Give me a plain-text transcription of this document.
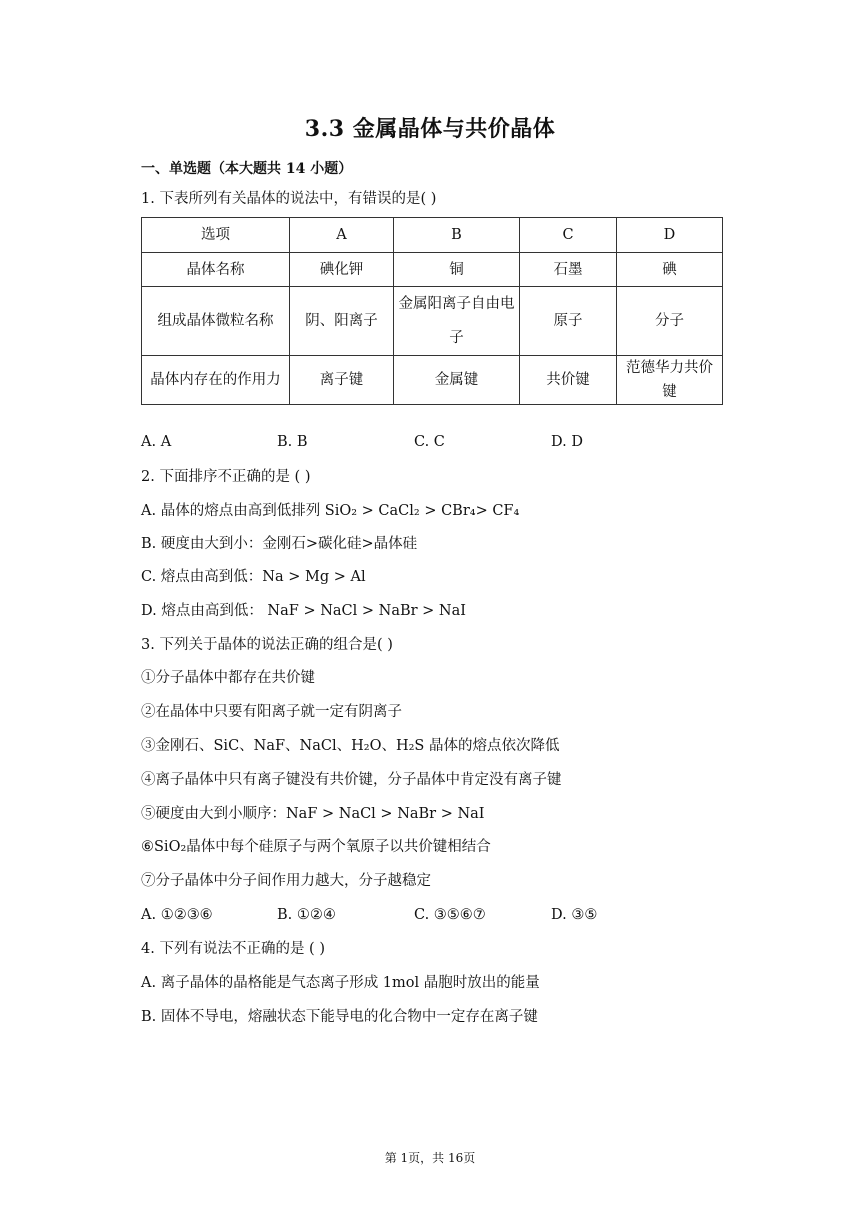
3.3 金属晶体与共价晶体
一、单选题（本大题共 14 小题）
1. 下表所列有关晶体的说法中，有错误的是( )
选项	A	B	C	D
晶体名称	碘化钾	铜	石墨	碘
组成晶体微粒名称	阴、阳离子	金属阳离子自由电子	原子	分子
晶体内存在的作用力	离子键	金属键	共价键	范德华力共价键
A. A	B. B	C. C	D. D
2. 下面排序不正确的是 ( )
A. 晶体的熔点由高到低排列 SiO₂ > CaCl₂ > CBr₄> CF₄
B. 硬度由大到小：金刚石>碳化硅>晶体硅
C. 熔点由高到低：Na > Mg > Al
D. 熔点由高到低： NaF > NaCl > NaBr > NaI
3. 下列关于晶体的说法正确的组合是( )
①分子晶体中都存在共价键
②在晶体中只要有阳离子就一定有阴离子
③金刚石、SiC、NaF、NaCl、H₂O、H₂S 晶体的熔点依次降低
④离子晶体中只有离子键没有共价键，分子晶体中肯定没有离子键
⑤硬度由大到小顺序：NaF > NaCl > NaBr > NaI
⑥SiO₂晶体中每个硅原子与两个氧原子以共价键相结合
⑦分子晶体中分子间作用力越大，分子越稳定
A. ①②③⑥	B. ①②④	C. ③⑤⑥⑦	D. ③⑤
4. 下列有说法不正确的是 ( )
A. 离子晶体的晶格能是气态离子形成 1mol 晶胞时放出的能量
B. 固体不导电，熔融状态下能导电的化合物中一定存在离子键
第 1页，共 16页
